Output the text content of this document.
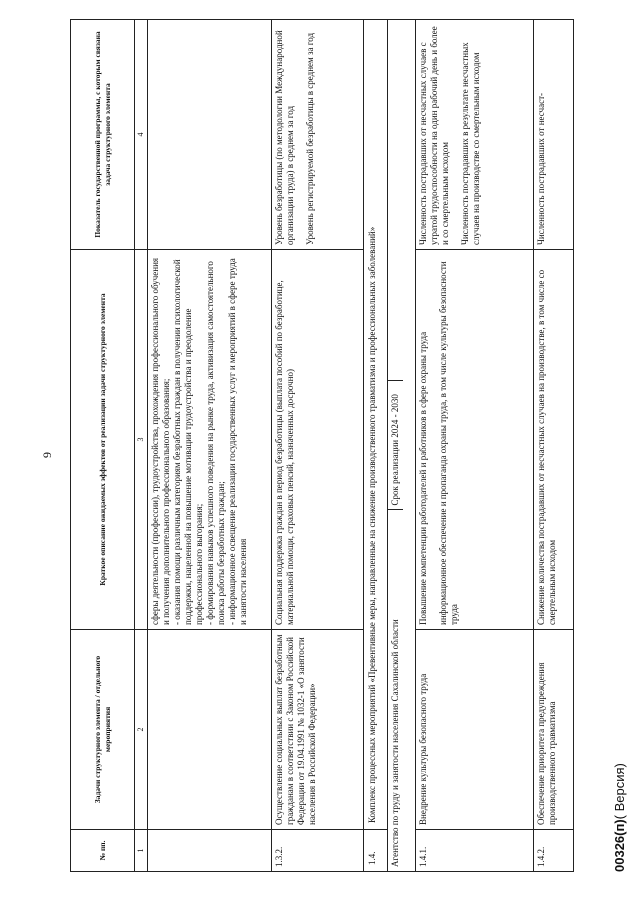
9
№ пп.	Задачи структурного элемента / отдельного мероприятия	Краткое описание ожидаемых эффектов от реализации задачи структурного элемента	Показатель государственной программы, с которым связана задача структурного элемента
1	2	3	4

		сферы деятельности (профессии), трудоустройства, прохождения профессионального обучения и получения дополнительного профессионального образования; - оказания помощи различным категориям безработных граждан в получении психологической поддержки, нацеленной на повышение мотивации трудоустройства и преодоление профессионального выгорания; - формирования навыков успешного поведения на рынке труда, активизация самостоятельного поиска работы безработных граждан; - информационное освещение реализации государственных услуг и мероприятий в сфере труда и занятости населения	

1.3.2.	Осуществление социальных выплат безработным гражданам в соответствии с Законом Российской Федерации от 19.04.1991 № 1032-1 «О занятости населения в Российской Федерации»	Социальная поддержка граждан в период безработицы (выплата пособий по безработице, материальной помощи, страховых пенсий, назначенных досрочно)	Уровень безработицы (по методологии Международной организации труда) в среднем за год Уровень регистрируемой безработицы в среднем за год

1.4.	Комплекс процессных мероприятий «Превентивные меры, направленные на снижение производственного травматизма и профессиональных заболеваний»		

Агентство по труду и занятости населения Сахалинской области
Срок реализации 2024 - 2030			

1.4.1.	Внедрение культуры безопасного труда	Повышение компетенции работодателей и работников в сфере охраны труда информационное обеспечение и пропаганда охраны труда, в том числе культуры безопасности труда	Численность пострадавших от несчастных случаев с утратой трудоспособности на один рабочий день и более и со смертельным исходом Численность пострадавших в результате несчастных случаев на производстве со смертельным исходом

1.4.2.	Обеспечение приоритета предупреждения производственного травматизма	Снижение количества пострадавших от несчастных случаев на производстве, в том числе со смертельным исходом	Численность пострадавших от несчаст-
00326(п)( Версия)
